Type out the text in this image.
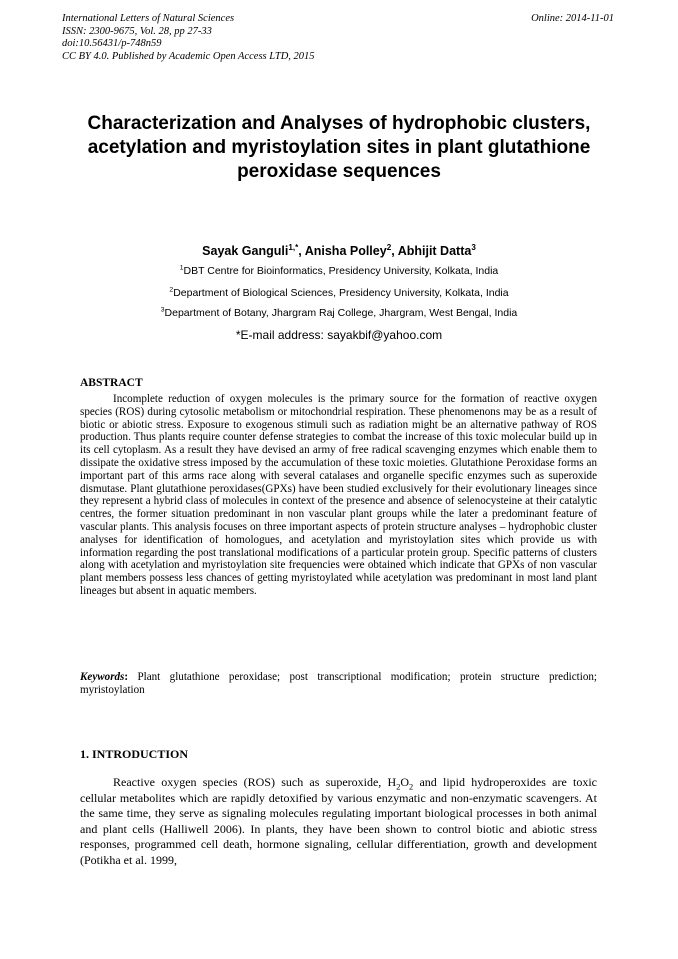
International Letters of Natural Sciences
ISSN: 2300-9675, Vol. 28, pp 27-33
doi:10.56431/p-748n59
CC BY 4.0. Published by Academic Open Access LTD, 2015
Online: 2014-11-01
Characterization and Analyses of hydrophobic clusters, acetylation and myristoylation sites in plant glutathione peroxidase sequences
Sayak Ganguli$^{1,*}$, Anisha Polley$^2$, Abhijit Datta$^3$
$^1$DBT Centre for Bioinformatics, Presidency University, Kolkata, India
$^2$Department of Biological Sciences, Presidency University, Kolkata, India
$^3$Department of Botany, Jhargram Raj College, Jhargram, West Bengal, India
*E-mail address: sayakbif@yahoo.com
ABSTRACT

Incomplete reduction of oxygen molecules is the primary source for the formation of reactive oxygen species (ROS) during cytosolic metabolism or mitochondrial respiration. These phenomenons may be as a result of biotic or abiotic stress. Exposure to exogenous stimuli such as radiation might be an alternative pathway of ROS production. Thus plants require counter defense strategies to combat the increase of this toxic molecular build up in its cell cytoplasm. As a result they have devised an army of free radical scavenging enzymes which enable them to dissipate the oxidative stress imposed by the accumulation of these toxic moieties. Glutathione Peroxidase forms an important part of this arms race along with several catalases and organelle specific enzymes such as superoxide dismutase. Plant glutathione peroxidases(GPXs) have been studied exclusively for their evolutionary lineages since they represent a hybrid class of molecules in context of the presence and absence of selenocysteine at their catalytic centres, the former situation predominant in non vascular plant groups while the later a predominant feature of vascular plants. This analysis focuses on three important aspects of protein structure analyses – hydrophobic cluster analyses for identification of homologues, and acetylation and myristoylation sites which provide us with information regarding the post translational modifications of a particular protein group. Specific patterns of clusters along with acetylation and myristoylation site frequencies were obtained which indicate that GPXs of non vascular plant members possess less chances of getting myristoylated while acetylation was predominant in most land plant lineages but absent in aquatic members.

Keywords: Plant glutathione peroxidase; post transcriptional modification; protein structure prediction; myristoylation

1. INTRODUCTION

Reactive oxygen species (ROS) such as superoxide, $H_2O_2$ and lipid hydroperoxides are toxic cellular metabolites which are rapidly detoxified by various enzymatic and non-enzymatic scavengers. At the same time, they serve as signaling molecules regulating important biological processes in both animal and plant cells (Halliwell 2006). In plants, they have been shown to control biotic and abiotic stress responses, programmed cell death, hormone signaling, cellular differentiation, growth and development (Potikha et al. 1999,
